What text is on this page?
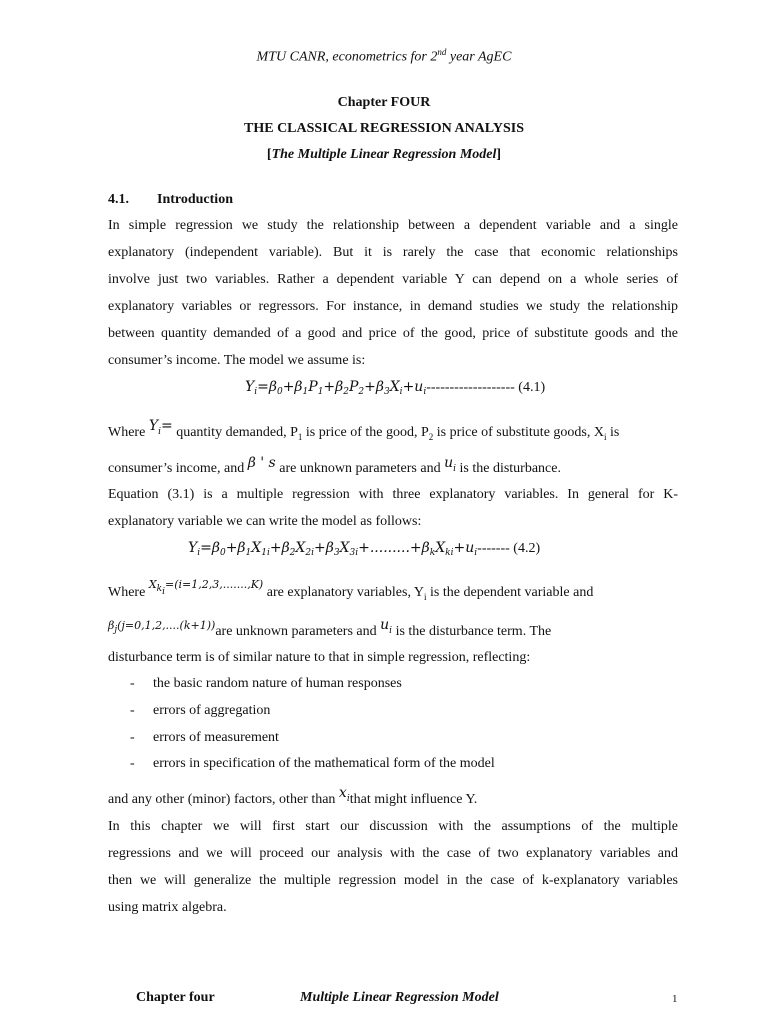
MTU CANR, econometrics for 2nd year AgEC
Chapter FOUR
THE CLASSICAL REGRESSION ANALYSIS
[The Multiple Linear Regression Model]
4.1. Introduction
In simple regression we study the relationship between a dependent variable and a single
explanatory (independent variable). But it is rarely the case that economic relationships
involve just two variables. Rather a dependent variable Y can depend on a whole series of
explanatory variables or regressors. For instance, in demand studies we study the relationship
between quantity demanded of a good and price of the good, price of substitute goods and the
consumer’s income. The model we assume is:
$Y_i=\beta_0+\beta_1P_1+\beta_2P_2+\beta_3X_i+u_i-------------------$ (4.1)
Where $Y_i=$ quantity demanded, $P_1$ is price of the good, $P_2$ is price of substitute goods, $X_i$ is
consumer’s income, and β ' s are unknown parameters and $u_i$ is the disturbance.
Equation (3.1) is a multiple regression with three explanatory variables. In general for K-
explanatory variable we can write the model as follows:
$Y_i=\beta_0+\beta_1X_{1i}+\beta_2X_{2i}+\beta_3X_{3i}+.........+\beta_kX_{ki}+u_i-------$ (4.2)
Where $^{X_{k_i}=(i=1,2,3,.......,K)}$ are explanatory variables, $Y_i$ is the dependent variable and
$^{\beta_j(j=0,1,2,....(k+1))}$are unknown parameters and $u_i$ is the disturbance term. The
disturbance term is of similar nature to that in simple regression, reflecting:
- the basic random nature of human responses
- errors of aggregation
- errors of measurement
- errors in specification of the mathematical form of the model
and any other (minor) factors, other than $x_ithat$ might influence Y.
In this chapter we will first start our discussion with the assumptions of the multiple
regressions and we will proceed our analysis with the case of two explanatory variables and
then we will generalize the multiple regression model in the case of k-explanatory variables
using matrix algebra.
Chapter four	Multiple Linear Regression Model	1
